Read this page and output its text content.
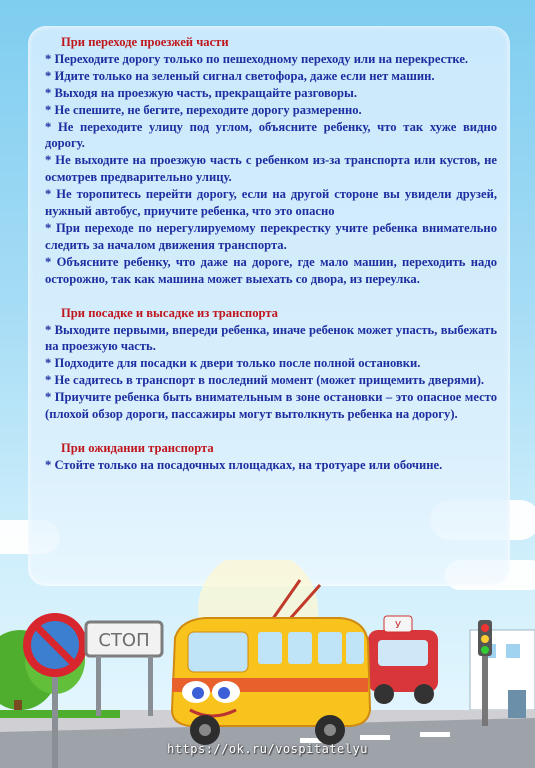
При переходе проезжей части
* Переходите дорогу только по пешеходному переходу или на перекрестке.
* Идите только на зеленый сигнал светофора, даже если нет машин.
* Выходя на проезжую часть, прекращайте разговоры.
* Не спешите, не бегите, переходите дорогу размеренно.
* Не переходите улицу под углом, объясните ребенку, что так хуже видно дорогу.
* Не выходите на проезжую часть с ребенком из-за транспорта или кустов, не осмотрев предварительно улицу.
* Не торопитесь перейти дорогу, если на другой стороне вы увидели друзей, нужный автобус, приучите ребенка, что это опасно
* При переходе по нерегулируемому перекрестку учите ребенка внимательно следить за началом движения транспорта.
* Объясните ребенку, что даже на дороге, где мало машин, переходить надо осторожно, так как машина может выехать со двора, из переулка.
При посадке и высадке из транспорта
* Выходите первыми, впереди ребенка, иначе ребенок может упасть, выбежать на проезжую часть.
* Подходите для посадки к двери только после полной остановки.
* Не садитесь в транспорт в последний момент (может прищемить дверями).
* Приучите ребенка быть внимательным в зоне остановки – это опасное место (плохой обзор дороги, пассажиры могут вытолкнуть ребенка на дорогу).
При ожидании транспорта
* Стойте только на посадочных площадках, на тротуаре или обочине.
СТОП
У
https://ok.ru/vospitatelyu
